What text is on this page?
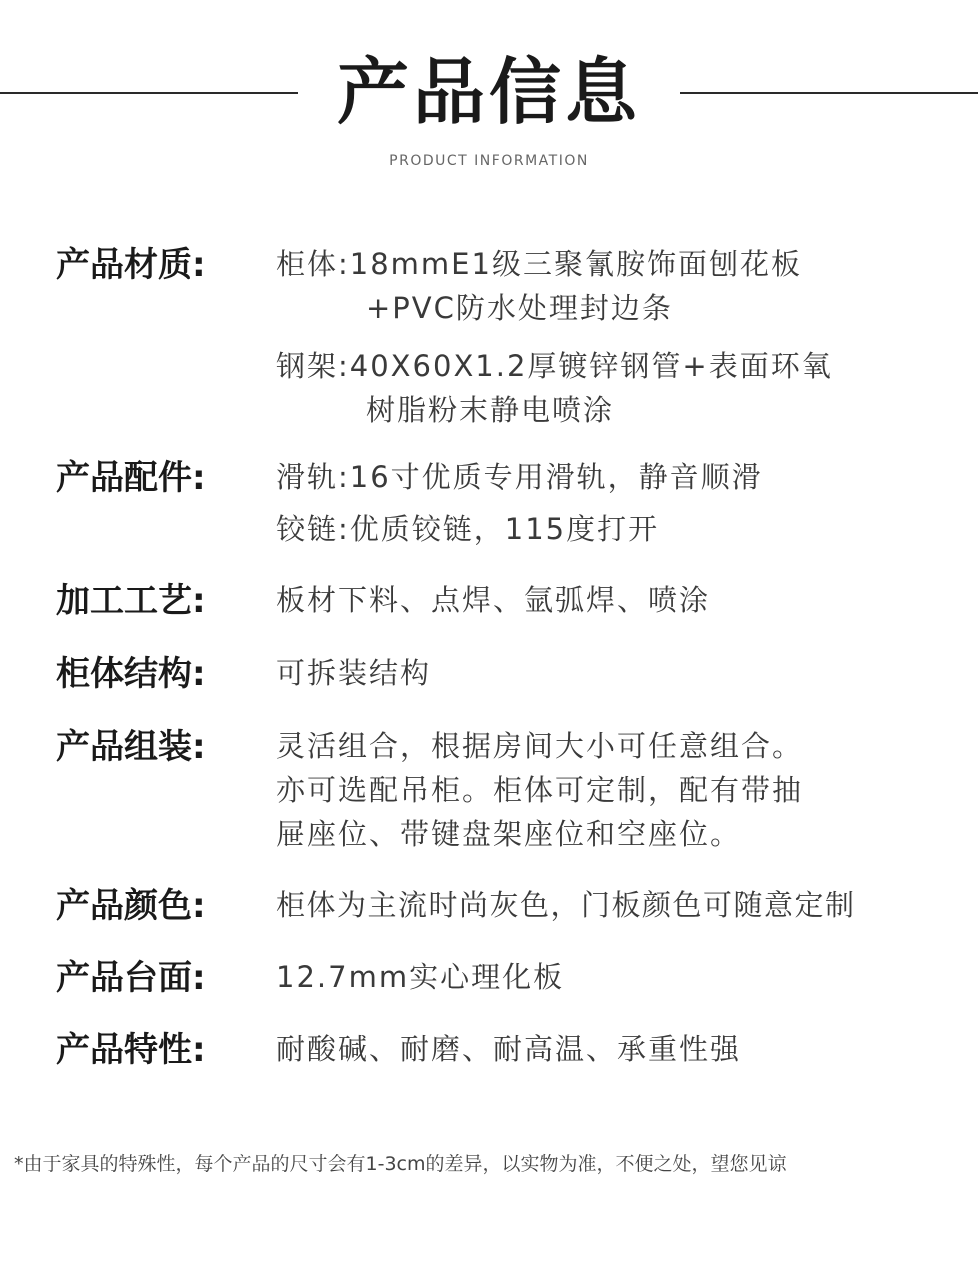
产品信息
PRODUCT INFORMATION
产品材质: 柜体:18mmE1级三聚氰胺饰面刨花板
+PVC防水处理封边条
钢架:40X60X1.2厚镀锌钢管+表面环氧
树脂粉末静电喷涂
产品配件: 滑轨:16寸优质专用滑轨，静音顺滑
铰链:优质铰链，115度打开
加工工艺: 板材下料、点焊、氩弧焊、喷涂
柜体结构: 可拆装结构
产品组装: 灵活组合，根据房间大小可任意组合。
亦可选配吊柜。柜体可定制，配有带抽
屉座位、带键盘架座位和空座位。
产品颜色: 柜体为主流时尚灰色，门板颜色可随意定制
产品台面: 12.7mm实心理化板
产品特性: 耐酸碱、耐磨、耐高温、承重性强
*由于家具的特殊性，每个产品的尺寸会有1-3cm的差异，以实物为准，不便之处，望您见谅
